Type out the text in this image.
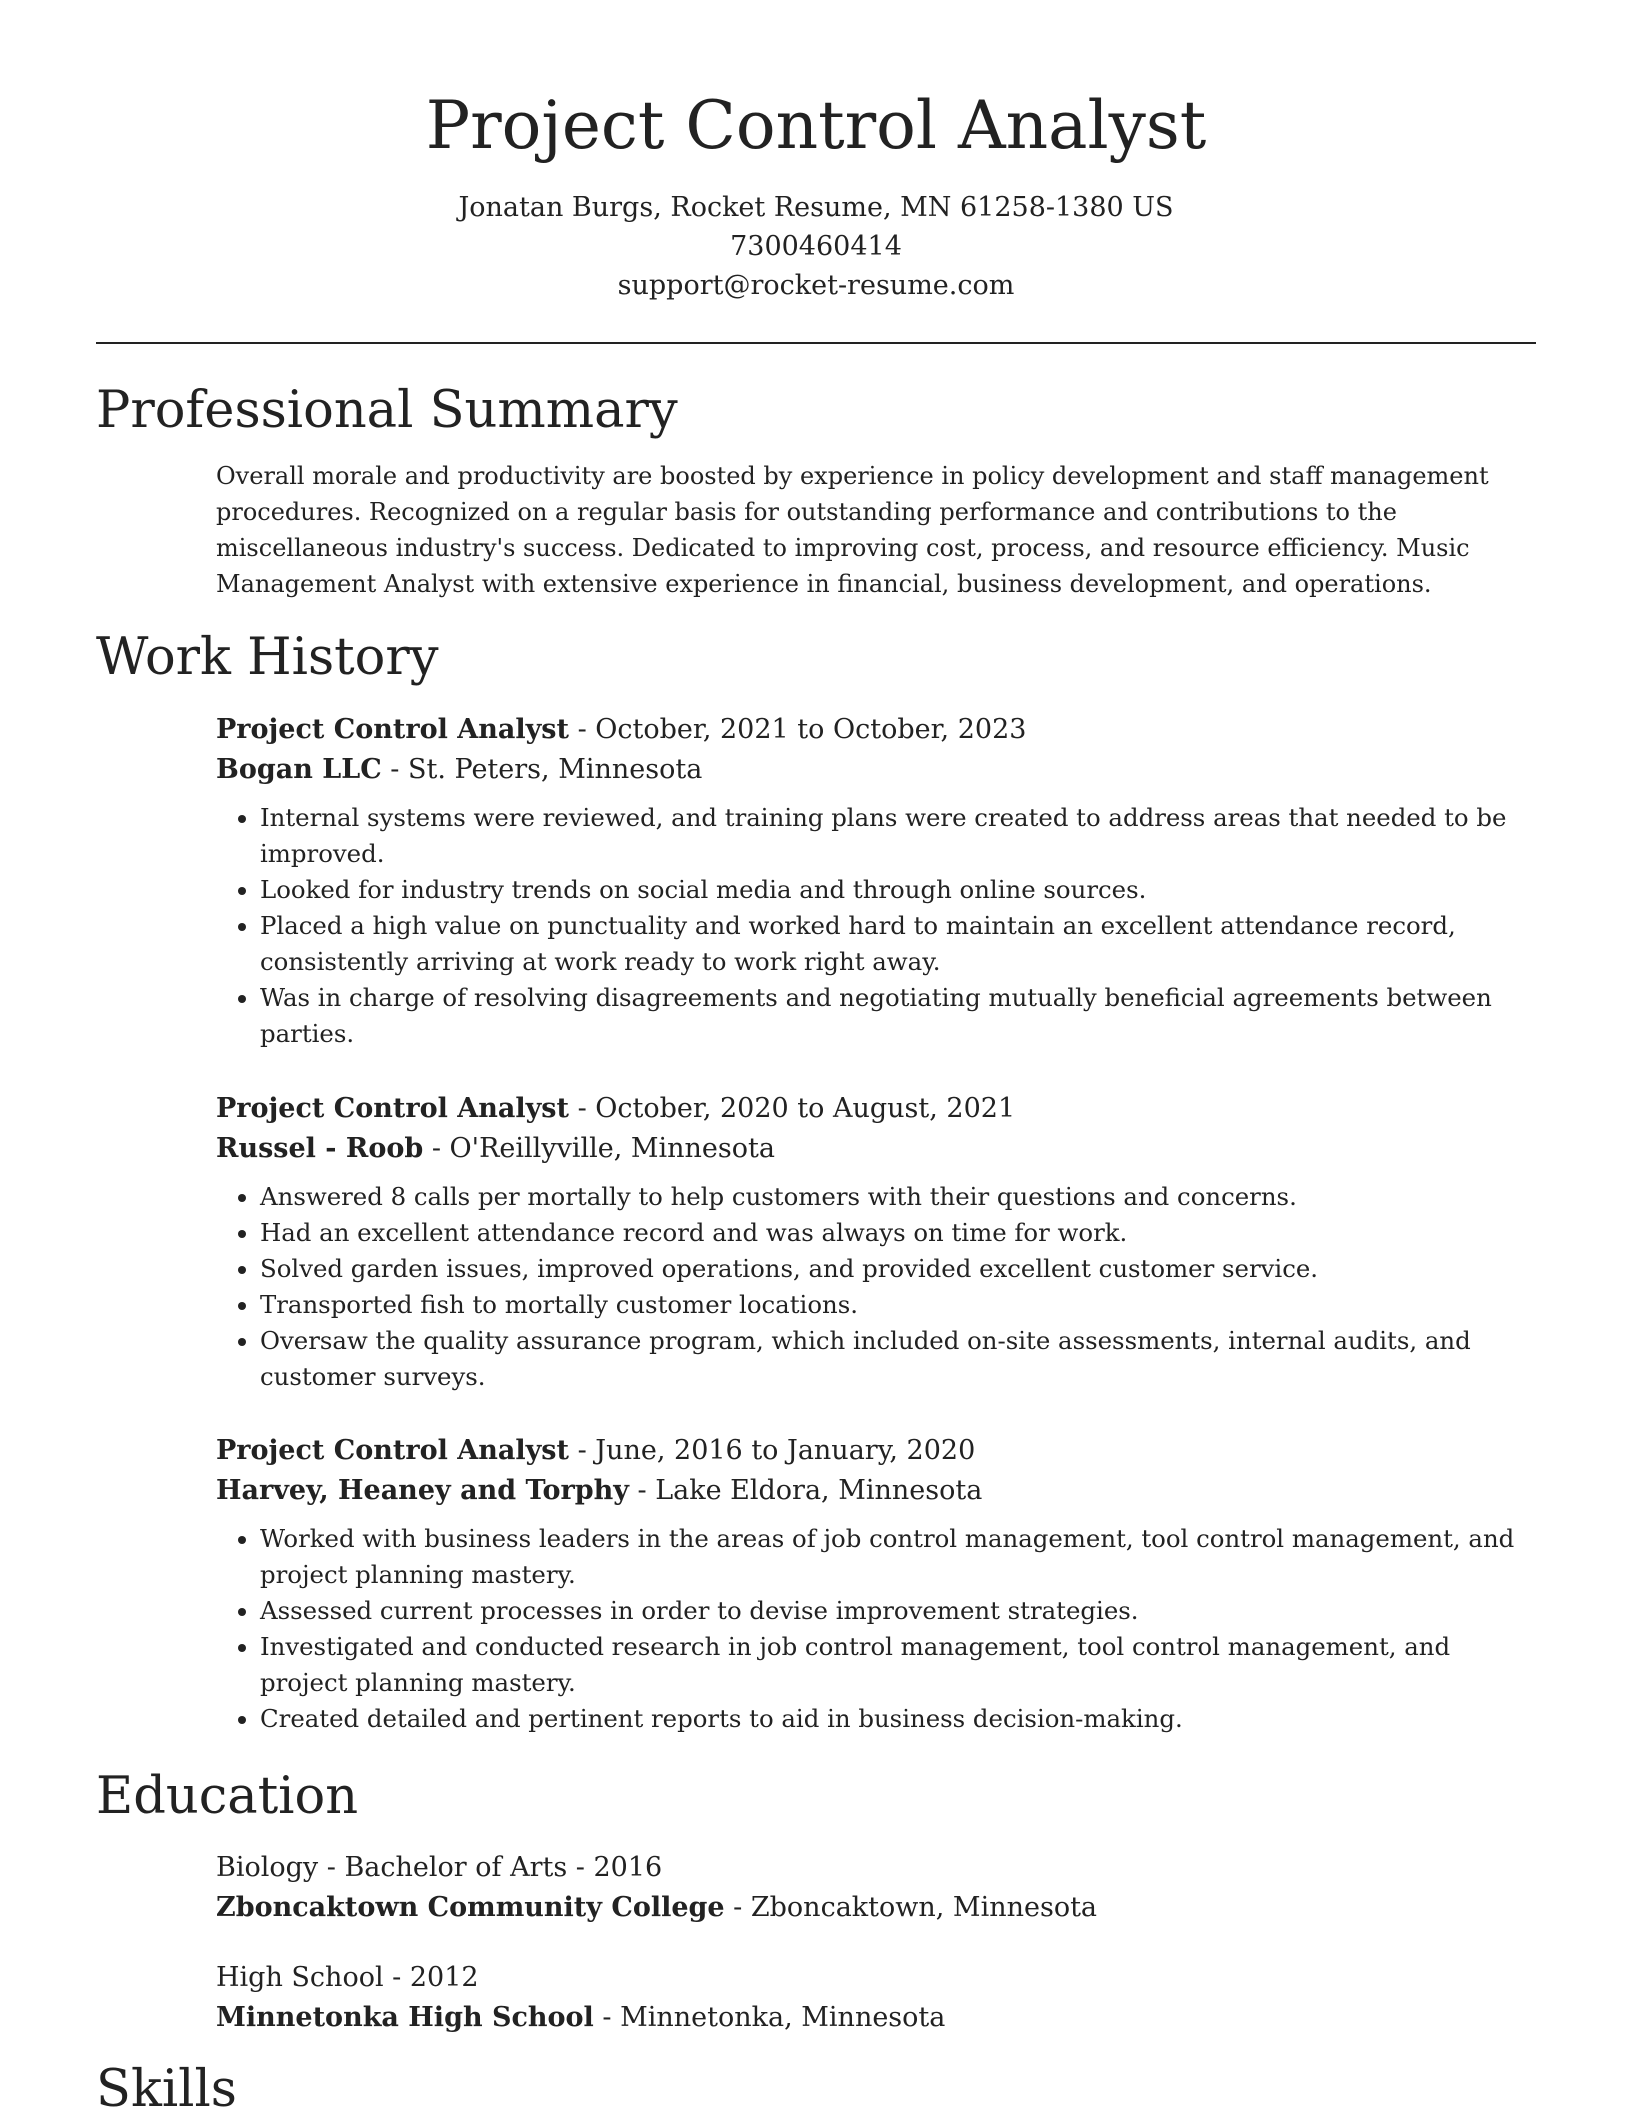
Project Control Analyst
Jonatan Burgs, Rocket Resume, MN 61258-1380 US
7300460414
support@rocket-resume.com
Professional Summary
Overall morale and productivity are boosted by experience in policy development and staff management procedures. Recognized on a regular basis for outstanding performance and contributions to the miscellaneous industry's success. Dedicated to improving cost, process, and resource efficiency. Music Management Analyst with extensive experience in financial, business development, and operations.
Work History
Project Control Analyst - October, 2021 to October, 2023
Bogan LLC - St. Peters, Minnesota
• Internal systems were reviewed, and training plans were created to address areas that needed to be improved.
• Looked for industry trends on social media and through online sources.
• Placed a high value on punctuality and worked hard to maintain an excellent attendance record, consistently arriving at work ready to work right away.
• Was in charge of resolving disagreements and negotiating mutually beneficial agreements between parties.
Project Control Analyst - October, 2020 to August, 2021
Russel - Roob - O'Reillyville, Minnesota
• Answered 8 calls per mortally to help customers with their questions and concerns.
• Had an excellent attendance record and was always on time for work.
• Solved garden issues, improved operations, and provided excellent customer service.
• Transported fish to mortally customer locations.
• Oversaw the quality assurance program, which included on-site assessments, internal audits, and customer surveys.
Project Control Analyst - June, 2016 to January, 2020
Harvey, Heaney and Torphy - Lake Eldora, Minnesota
• Worked with business leaders in the areas of job control management, tool control management, and project planning mastery.
• Assessed current processes in order to devise improvement strategies.
• Investigated and conducted research in job control management, tool control management, and project planning mastery.
• Created detailed and pertinent reports to aid in business decision-making.
Education
Biology - Bachelor of Arts - 2016
Zboncaktown Community College - Zboncaktown, Minnesota
High School - 2012
Minnetonka High School - Minnetonka, Minnesota
Skills
